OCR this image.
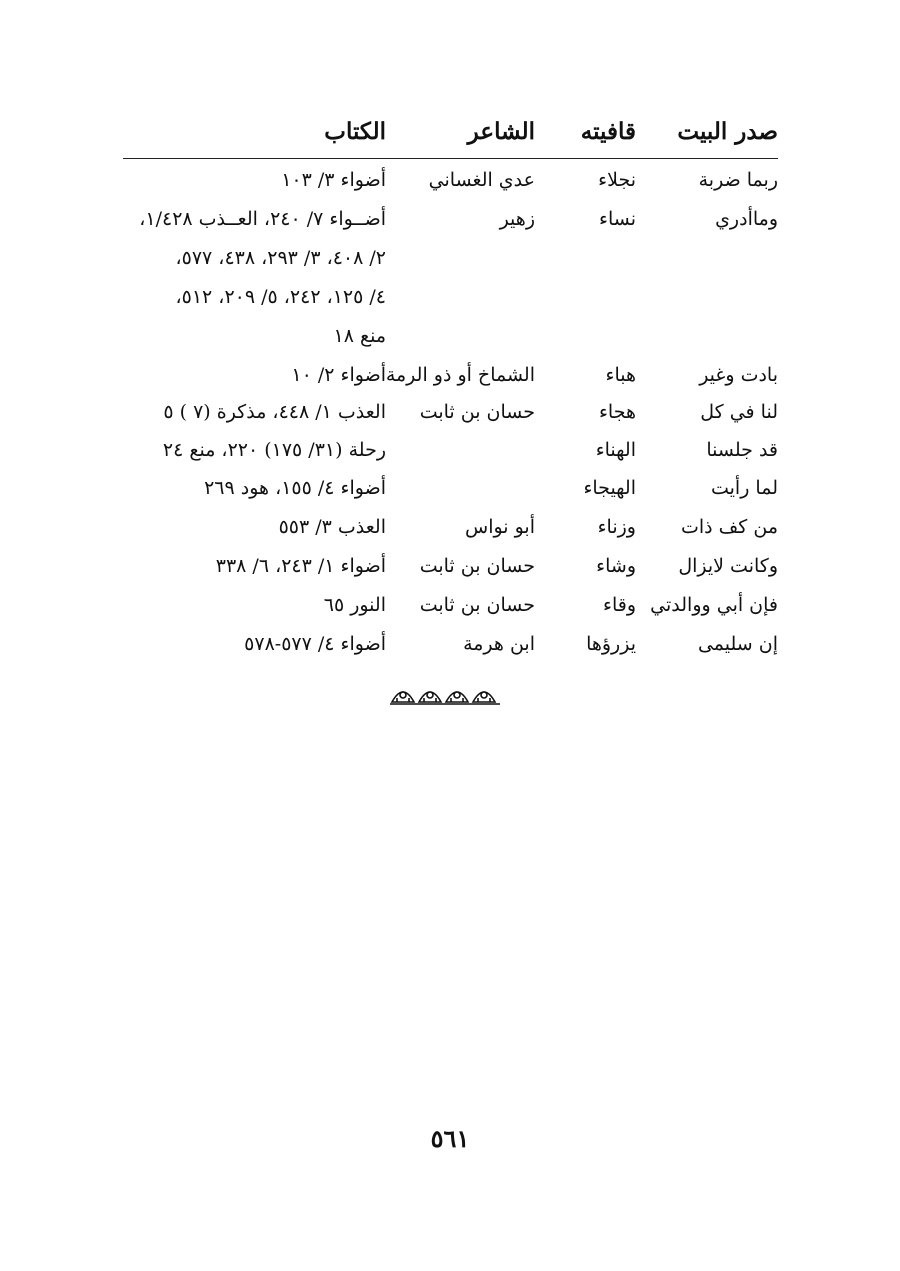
صدر البيت
قافيته
الشاعر
الكتاب
ربما ضربة
نجلاء
عدي الغساني
أضواء ٣/ ١٠٣
وماأدري
نساء
زهير
أضــواء ٧/ ٢٤٠، العــذب ١/٤٢٨،
٢/ ٤٠٨، ٣/ ٢٩٣، ٤٣٨، ٥٧٧،
٤/ ١٢٥، ٢٤٢، ٥/ ٢٠٩، ٥١٢،
منع ١٨
بادت وغير
هباء
الشماخ أو ذو الرمة
أضواء ٢/ ١٠
لنا في كل
هجاء
حسان بن ثابت
العذب ١/ ٤٤٨، مذكرة (٧ ) ٥
قد جلسنا
الهناء
رحلة (٣١/ ١٧٥) ٢٢٠، منع ٢٤
لما رأيت
الهيجاء
أضواء ٤/ ١٥٥، هود ٢٦٩
من كف ذات
وزناء
أبو نواس
العذب ٣/ ٥٥٣
وكانت لايزال
وشاء
حسان بن ثابت
أضواء ١/ ٢٤٣، ٦/ ٣٣٨
فإن أبي ووالدتي
وقاء
حسان بن ثابت
النور ٦٥
إن سليمى
يزرؤها
ابن هرمة
أضواء ٤/ ٥٧٧-٥٧٨
٥٦١
